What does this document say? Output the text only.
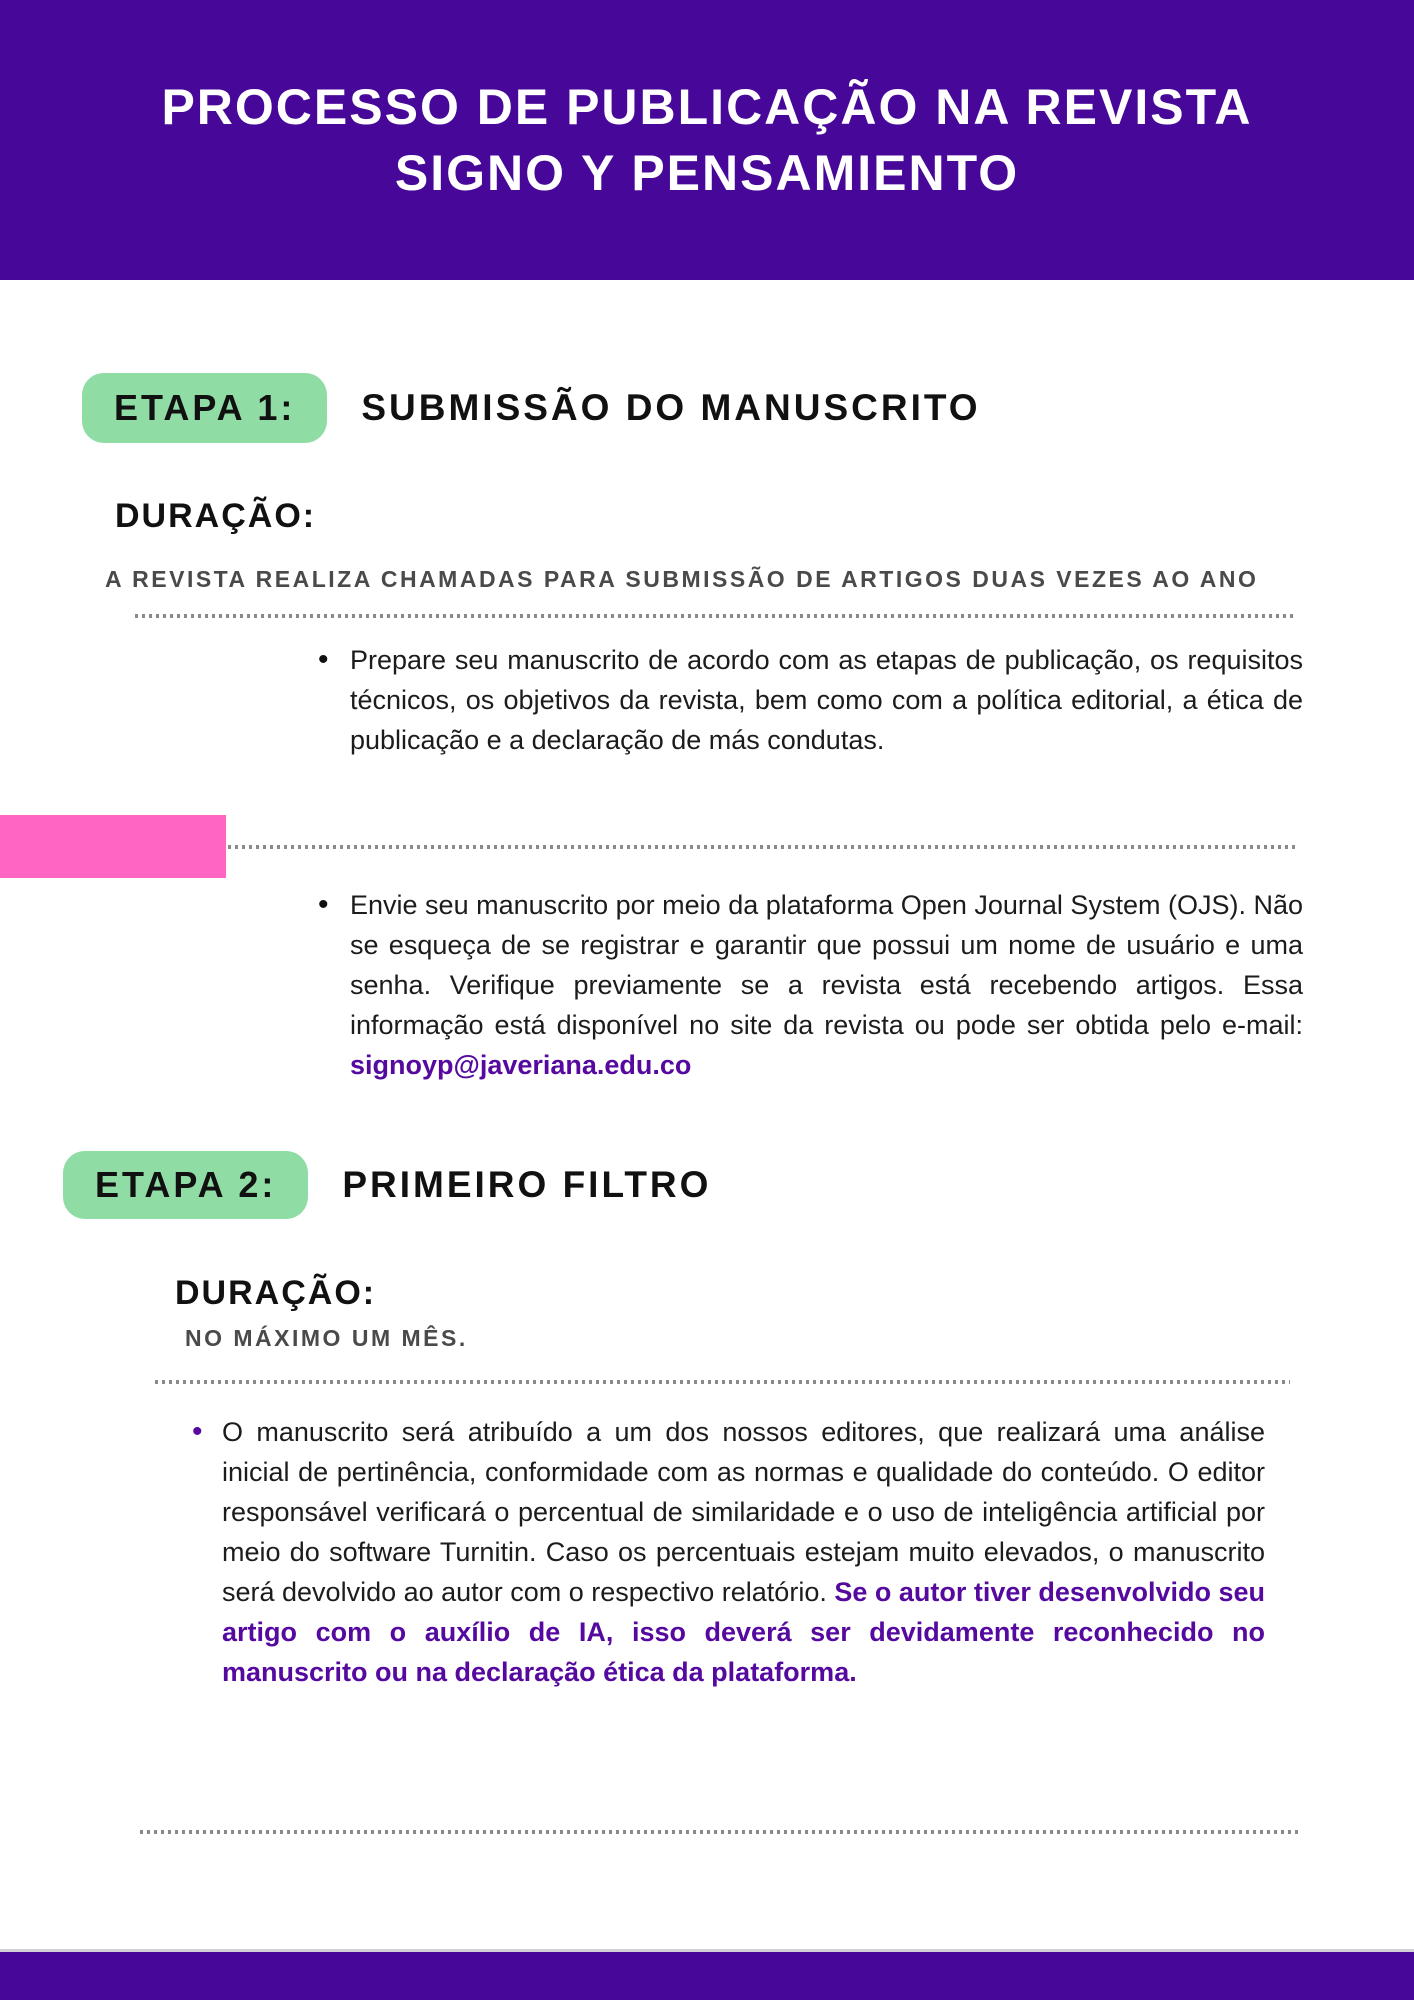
PROCESSO DE PUBLICAÇÃO NA REVISTA
SIGNO Y PENSAMIENTO
ETAPA 1:	SUBMISSÃO DO MANUSCRITO
DURAÇÃO:

A REVISTA REALIZA CHAMADAS PARA SUBMISSÃO DE ARTIGOS DUAS VEZES AO ANO

• Prepare seu manuscrito de acordo com as etapas de publicação, os requisitos técnicos, os objetivos da revista, bem como com a política editorial, a ética de publicação e a declaração de más condutas.
• Envie seu manuscrito por meio da plataforma Open Journal System (OJS). Não se esqueça de se registrar e garantir que possui um nome de usuário e uma senha. Verifique previamente se a revista está recebendo artigos. Essa informação está disponível no site da revista ou pode ser obtida pelo e-mail: signoyp@javeriana.edu.co
ETAPA 2:	PRIMEIRO FILTRO
DURAÇÃO:

NO MÁXIMO UM MÊS.

• O manuscrito será atribuído a um dos nossos editores, que realizará uma análise inicial de pertinência, conformidade com as normas e qualidade do conteúdo. O editor responsável verificará o percentual de similaridade e o uso de inteligência artificial por meio do software Turnitin. Caso os percentuais estejam muito elevados, o manuscrito será devolvido ao autor com o respectivo relatório. Se o autor tiver desenvolvido seu artigo com o auxílio de IA, isso deverá ser devidamente reconhecido no manuscrito ou na declaração ética da plataforma.
